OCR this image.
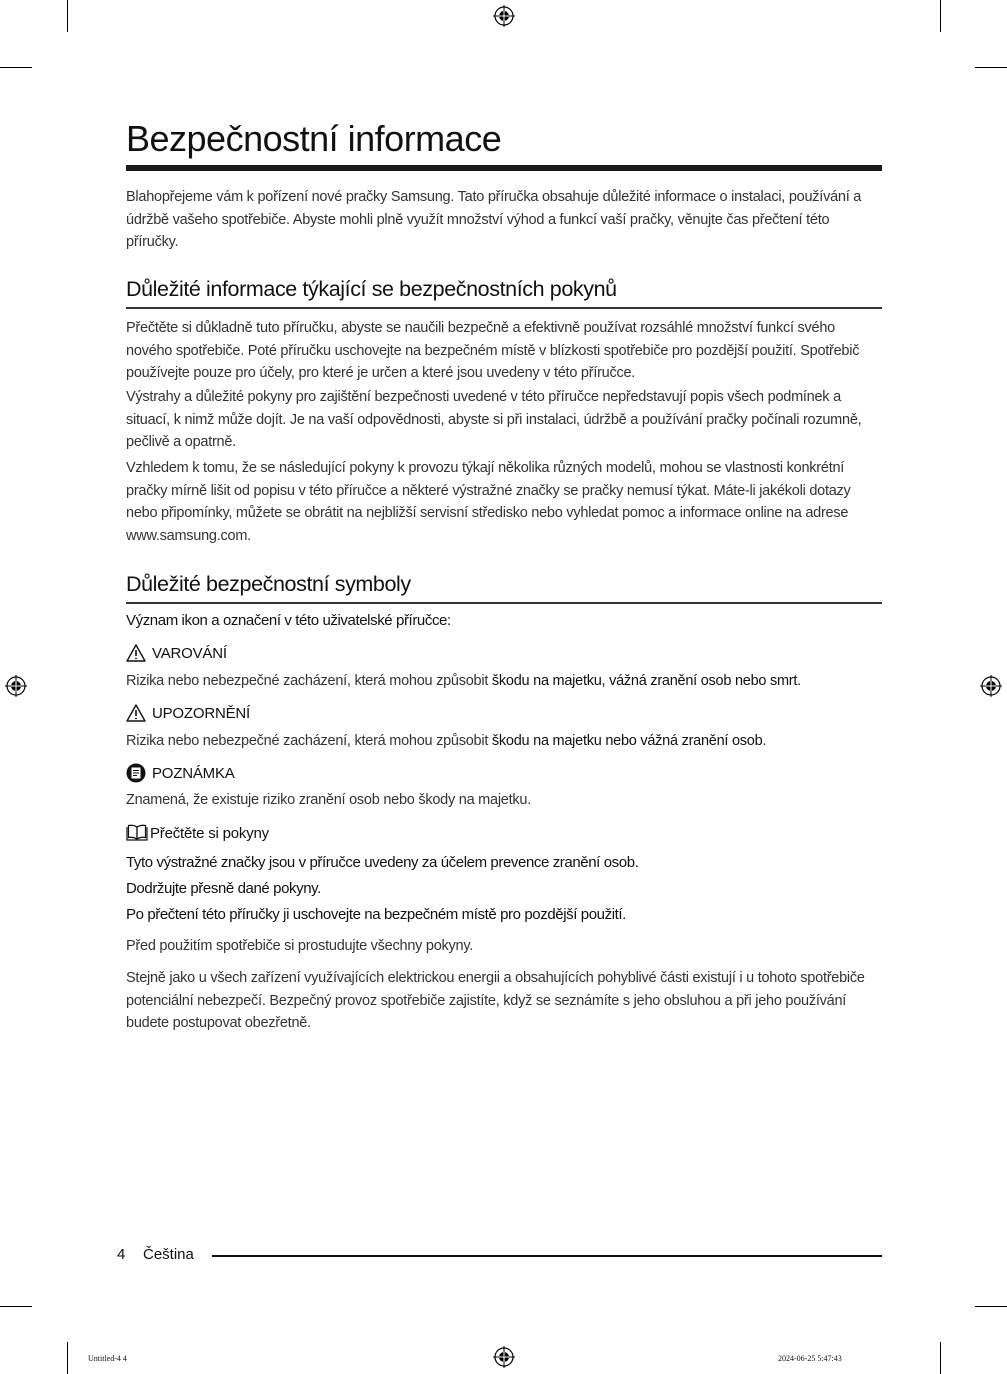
Bezpečnostní informace

Blahopřejeme vám k pořízení nové pračky Samsung. Tato příručka obsahuje důležité informace o instalaci, používání a údržbě vašeho spotřebiče. Abyste mohli plně využít množství výhod a funkcí vaší pračky, věnujte čas přečtení této příručky.

Důležité informace týkající se bezpečnostních pokynů

Přečtěte si důkladně tuto příručku, abyste se naučili bezpečně a efektivně používat rozsáhlé množství funkcí svého nového spotřebiče. Poté příručku uschovejte na bezpečném místě v blízkosti spotřebiče pro pozdější použití. Spotřebič používejte pouze pro účely, pro které je určen a které jsou uvedeny v této příručce.

Výstrahy a důležité pokyny pro zajištění bezpečnosti uvedené v této příručce nepředstavují popis všech podmínek a situací, k nimž může dojít. Je na vaší odpovědnosti, abyste si při instalaci, údržbě a používání pračky počínali rozumně, pečlivě a opatrně.

Vzhledem k tomu, že se následující pokyny k provozu týkají několika různých modelů, mohou se vlastnosti konkrétní pračky mírně lišit od popisu v této příručce a některé výstražné značky se pračky nemusí týkat. Máte-li jakékoli dotazy nebo připomínky, můžete se obrátit na nejbližší servisní středisko nebo vyhledat pomoc a informace online na adrese www.samsung.com.

Důležité bezpečnostní symboly

Význam ikon a označení v této uživatelské příručce:

VAROVÁNÍ

Rizika nebo nebezpečné zacházení, která mohou způsobit škodu na majetku, vážná zranění osob nebo smrt.

UPOZORNĚNÍ

Rizika nebo nebezpečné zacházení, která mohou způsobit škodu na majetku nebo vážná zranění osob.

POZNÁMKA

Znamená, že existuje riziko zranění osob nebo škody na majetku.

Přečtěte si pokyny

Tyto výstražné značky jsou v příručce uvedeny za účelem prevence zranění osob.

Dodržujte přesně dané pokyny.

Po přečtení této příručky ji uschovejte na bezpečném místě pro pozdější použití.

Před použitím spotřebiče si prostudujte všechny pokyny.

Stejně jako u všech zařízení využívajících elektrickou energii a obsahujících pohyblivé části existují i u tohoto spotřebiče potenciální nebezpečí. Bezpečný provoz spotřebiče zajistíte, když se seznámíte s jeho obsluhou a při jeho používání budete postupovat obezřetně.

4 Čeština
Untitled-4 4	2024-06-25 5:47:43
